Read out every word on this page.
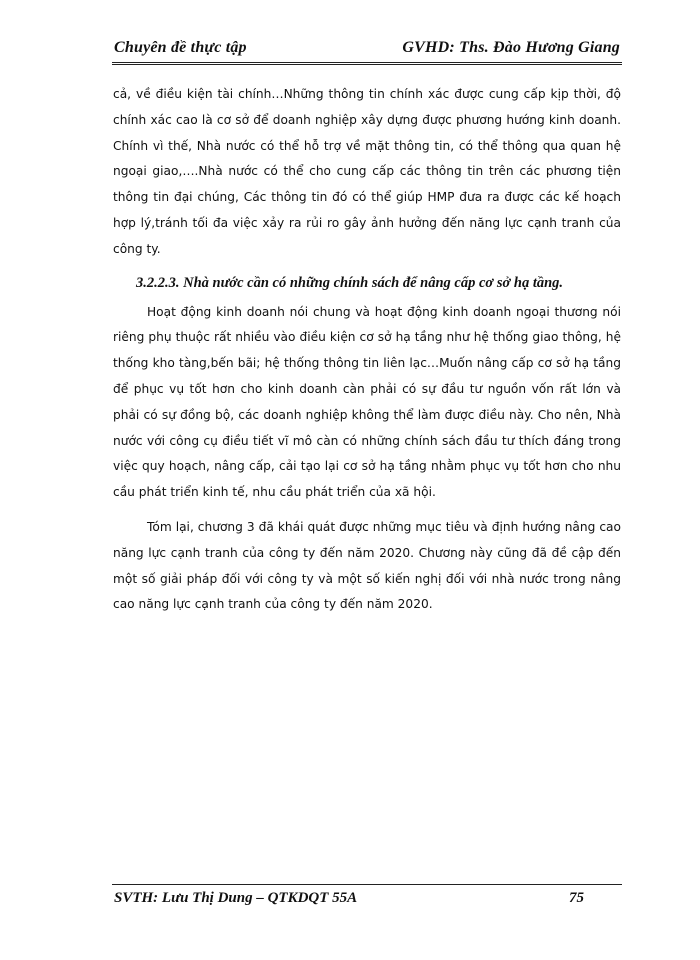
Chuyên đề thực tập	GVHD: Ths. Đào Hương Giang

cả, về điều kiện tài chính…Những thông tin chính xác được cung cấp kịp thời, độ chính xác cao là cơ sở để doanh nghiệp xây dựng được phương hướng kinh doanh. Chính vì thế, Nhà nước có thể hỗ trợ về mặt thông tin, có thể thông qua quan hệ ngoại giao,….Nhà nước có thể cho cung cấp các thông tin trên các phương tiện thông tin đại chúng, Các thông tin đó có thể giúp HMP đưa ra được các kế hoạch hợp lý,tránh tối đa việc xảy ra rủi ro gây ảnh hưởng đến năng lực cạnh tranh của công ty.

3.2.2.3. Nhà nước cần có những chính sách để nâng cấp cơ sở hạ tầng.

Hoạt động kinh doanh nói chung và hoạt động kinh doanh ngoại thương nói riêng phụ thuộc rất nhiều vào điều kiện cơ sở hạ tầng như hệ thống giao thông, hệ thống kho tàng,bến bãi; hệ thống thông tin liên lạc…Muốn nâng cấp cơ sở hạ tầng để phục vụ tốt hơn cho kinh doanh càn phải có sự đầu tư nguồn vốn rất lớn và phải có sự đồng bộ, các doanh nghiệp không thể làm được điều này. Cho nên, Nhà nước với công cụ điều tiết vĩ mô càn có những chính sách đầu tư thích đáng trong việc quy hoạch, nâng cấp, cải tạo lại cơ sở hạ tầng nhằm phục vụ tốt hơn cho nhu cầu phát triển kinh tế, nhu cầu phát triển của xã hội.

Tóm lại, chương 3 đã khái quát được những mục tiêu và định hướng nâng cao năng lực cạnh tranh của công ty đến năm 2020. Chương này cũng đã đề cập đến một số giải pháp đối với công ty và một số kiến nghị đối với nhà nước trong nâng cao năng lực cạnh tranh của công ty đến năm 2020.

SVTH: Lưu Thị Dung – QTKDQT 55A	75
